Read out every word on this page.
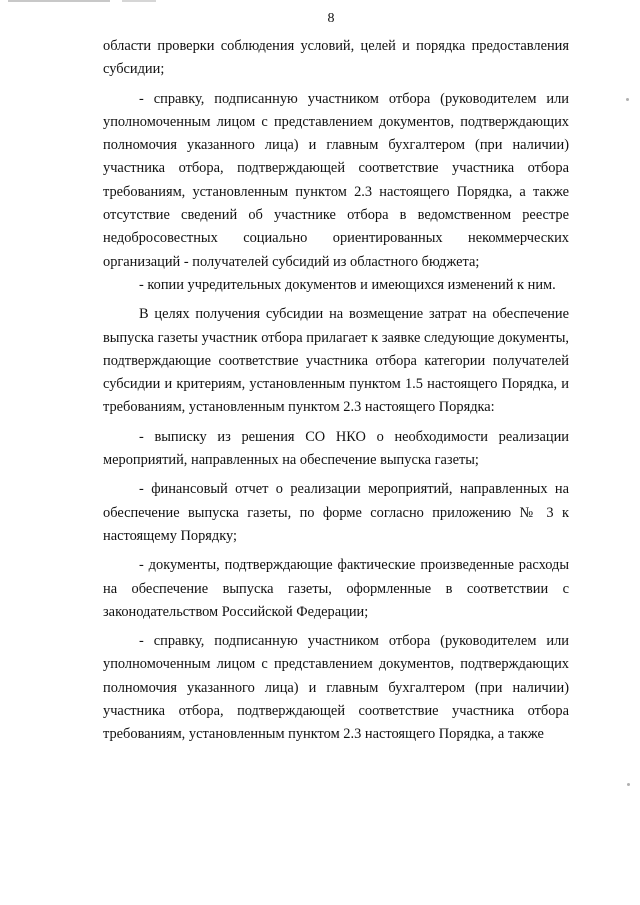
8

области проверки соблюдения условий, целей и порядка предоставления субсидии;

- справку, подписанную участником отбора (руководителем или уполномоченным лицом с представлением документов, подтверждающих полномочия указанного лица) и главным бухгалтером (при наличии) участника отбора, подтверждающей соответствие участника отбора требованиям, установленным пунктом 2.3 настоящего Порядка, а также отсутствие сведений об участнике отбора в ведомственном реестре недобросовестных социально ориентированных некоммерческих организаций - получателей субсидий из областного бюджета;

- копии учредительных документов и имеющихся изменений к ним.

В целях получения субсидии на возмещение затрат на обеспечение выпуска газеты участник отбора прилагает к заявке следующие документы, подтверждающие соответствие участника отбора категории получателей субсидии и критериям, установленным пунктом 1.5 настоящего Порядка, и требованиям, установленным пунктом 2.3 настоящего Порядка:

- выписку из решения СО НКО о необходимости реализации мероприятий, направленных на обеспечение выпуска газеты;

- финансовый отчет о реализации мероприятий, направленных на обеспечение выпуска газеты, по форме согласно приложению № 3 к настоящему Порядку;

- документы, подтверждающие фактические произведенные расходы на обеспечение выпуска газеты, оформленные в соответствии с законодательством Российской Федерации;

- справку, подписанную участником отбора (руководителем или уполномоченным лицом с представлением документов, подтверждающих полномочия указанного лица) и главным бухгалтером (при наличии) участника отбора, подтверждающей соответствие участника отбора требованиям, установленным пунктом 2.3 настоящего Порядка, а также
